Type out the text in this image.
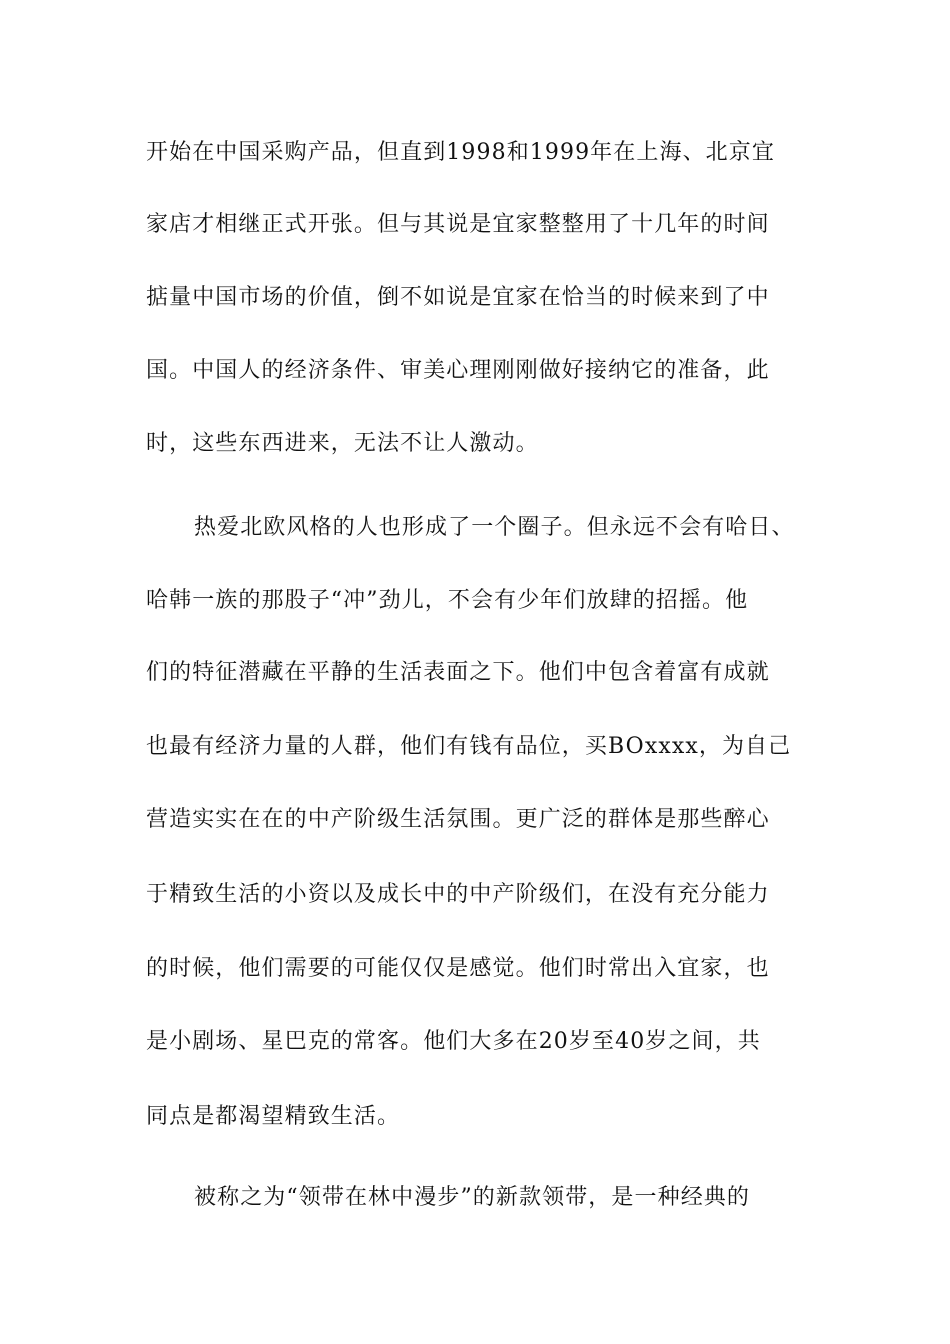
开始在中国采购产品，但直到1998和1999年在上海、北京宜
家店才相继正式开张。但与其说是宜家整整用了十几年的时间
掂量中国市场的价值，倒不如说是宜家在恰当的时候来到了中
国。中国人的经济条件、审美心理刚刚做好接纳它的准备，此
时，这些东西进来，无法不让人激动。
热爱北欧风格的人也形成了一个圈子。但永远不会有哈日、
哈韩一族的那股子“冲”劲儿，不会有少年们放肆的招摇。他
们的特征潜藏在平静的生活表面之下。他们中包含着富有成就
也最有经济力量的人群，他们有钱有品位，买BOxxxx，为自己
营造实实在在的中产阶级生活氛围。更广泛的群体是那些醉心
于精致生活的小资以及成长中的中产阶级们，在没有充分能力
的时候，他们需要的可能仅仅是感觉。他们时常出入宜家，也
是小剧场、星巴克的常客。他们大多在20岁至40岁之间，共
同点是都渴望精致生活。
被称之为“领带在林中漫步”的新款领带，是一种经典的
